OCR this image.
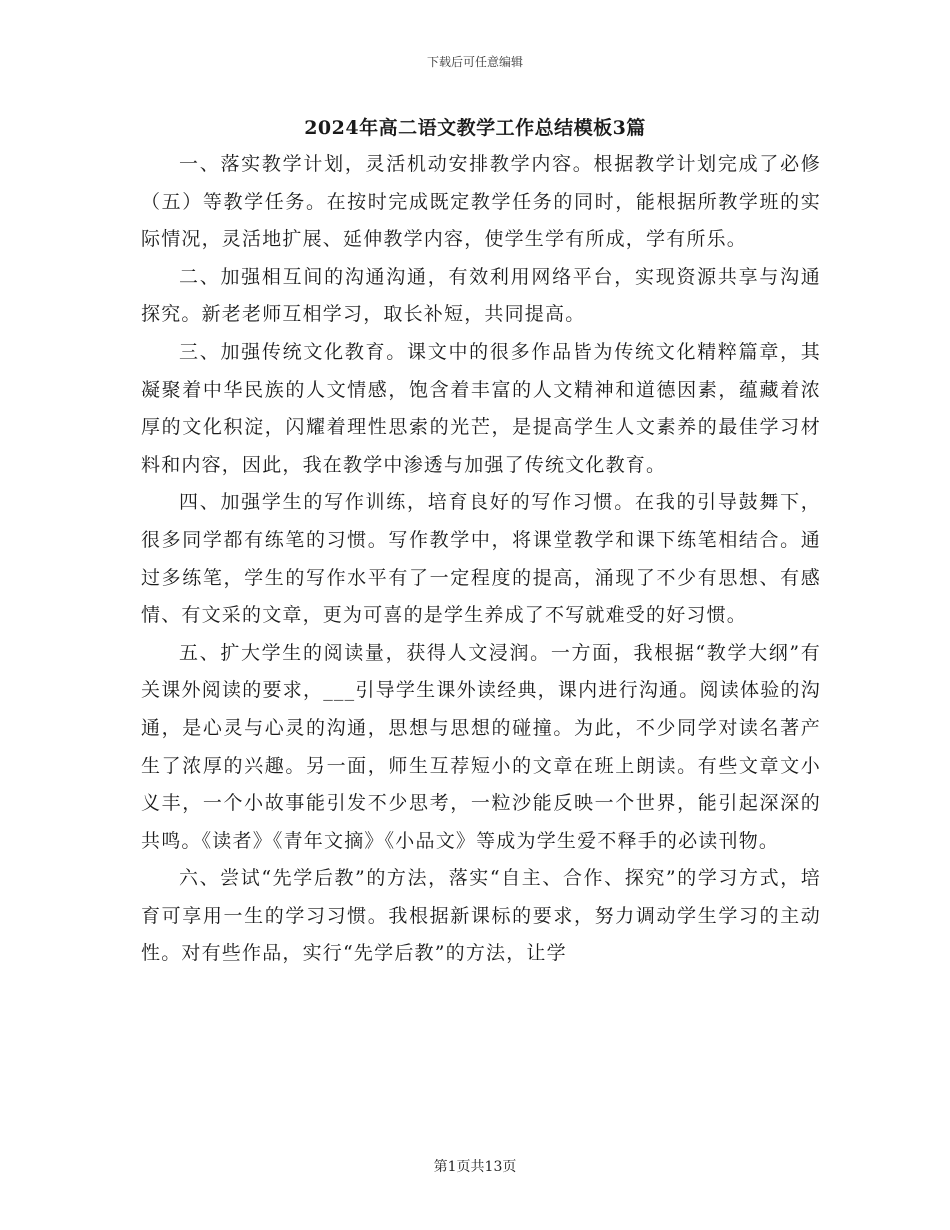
下载后可任意编辑
2024年高二语文教学工作总结模板3篇

一、落实教学计划，灵活机动安排教学内容。根据教学计划完成了必修（五）等教学任务。在按时完成既定教学任务的同时，能根据所教学班的实际情况，灵活地扩展、延伸教学内容，使学生学有所成，学有所乐。

二、加强相互间的沟通沟通，有效利用网络平台，实现资源共享与沟通探究。新老老师互相学习，取长补短，共同提高。

三、加强传统文化教育。课文中的很多作品皆为传统文化精粹篇章，其凝聚着中华民族的人文情感，饱含着丰富的人文精神和道德因素，蕴藏着浓厚的文化积淀，闪耀着理性思索的光芒，是提高学生人文素养的最佳学习材料和内容，因此，我在教学中渗透与加强了传统文化教育。

四、加强学生的写作训练，培育良好的写作习惯。在我的引导鼓舞下，很多同学都有练笔的习惯。写作教学中，将课堂教学和课下练笔相结合。通过多练笔，学生的写作水平有了一定程度的提高，涌现了不少有思想、有感情、有文采的文章，更为可喜的是学生养成了不写就难受的好习惯。

五、扩大学生的阅读量，获得人文浸润。一方面，我根据“教学大纲”有关课外阅读的要求，___引导学生课外读经典，课内进行沟通。阅读体验的沟通，是心灵与心灵的沟通，思想与思想的碰撞。为此，不少同学对读名著产生了浓厚的兴趣。另一面，师生互荐短小的文章在班上朗读。有些文章文小义丰，一个小故事能引发不少思考，一粒沙能反映一个世界，能引起深深的共鸣。《读者》《青年文摘》《小品文》等成为学生爱不释手的必读刊物。

六、尝试“先学后教”的方法，落实“自主、合作、探究”的学习方式，培育可享用一生的学习习惯。我根据新课标的要求，努力调动学生学习的主动性。对有些作品，实行“先学后教”的方法，让学

第1页共13页
